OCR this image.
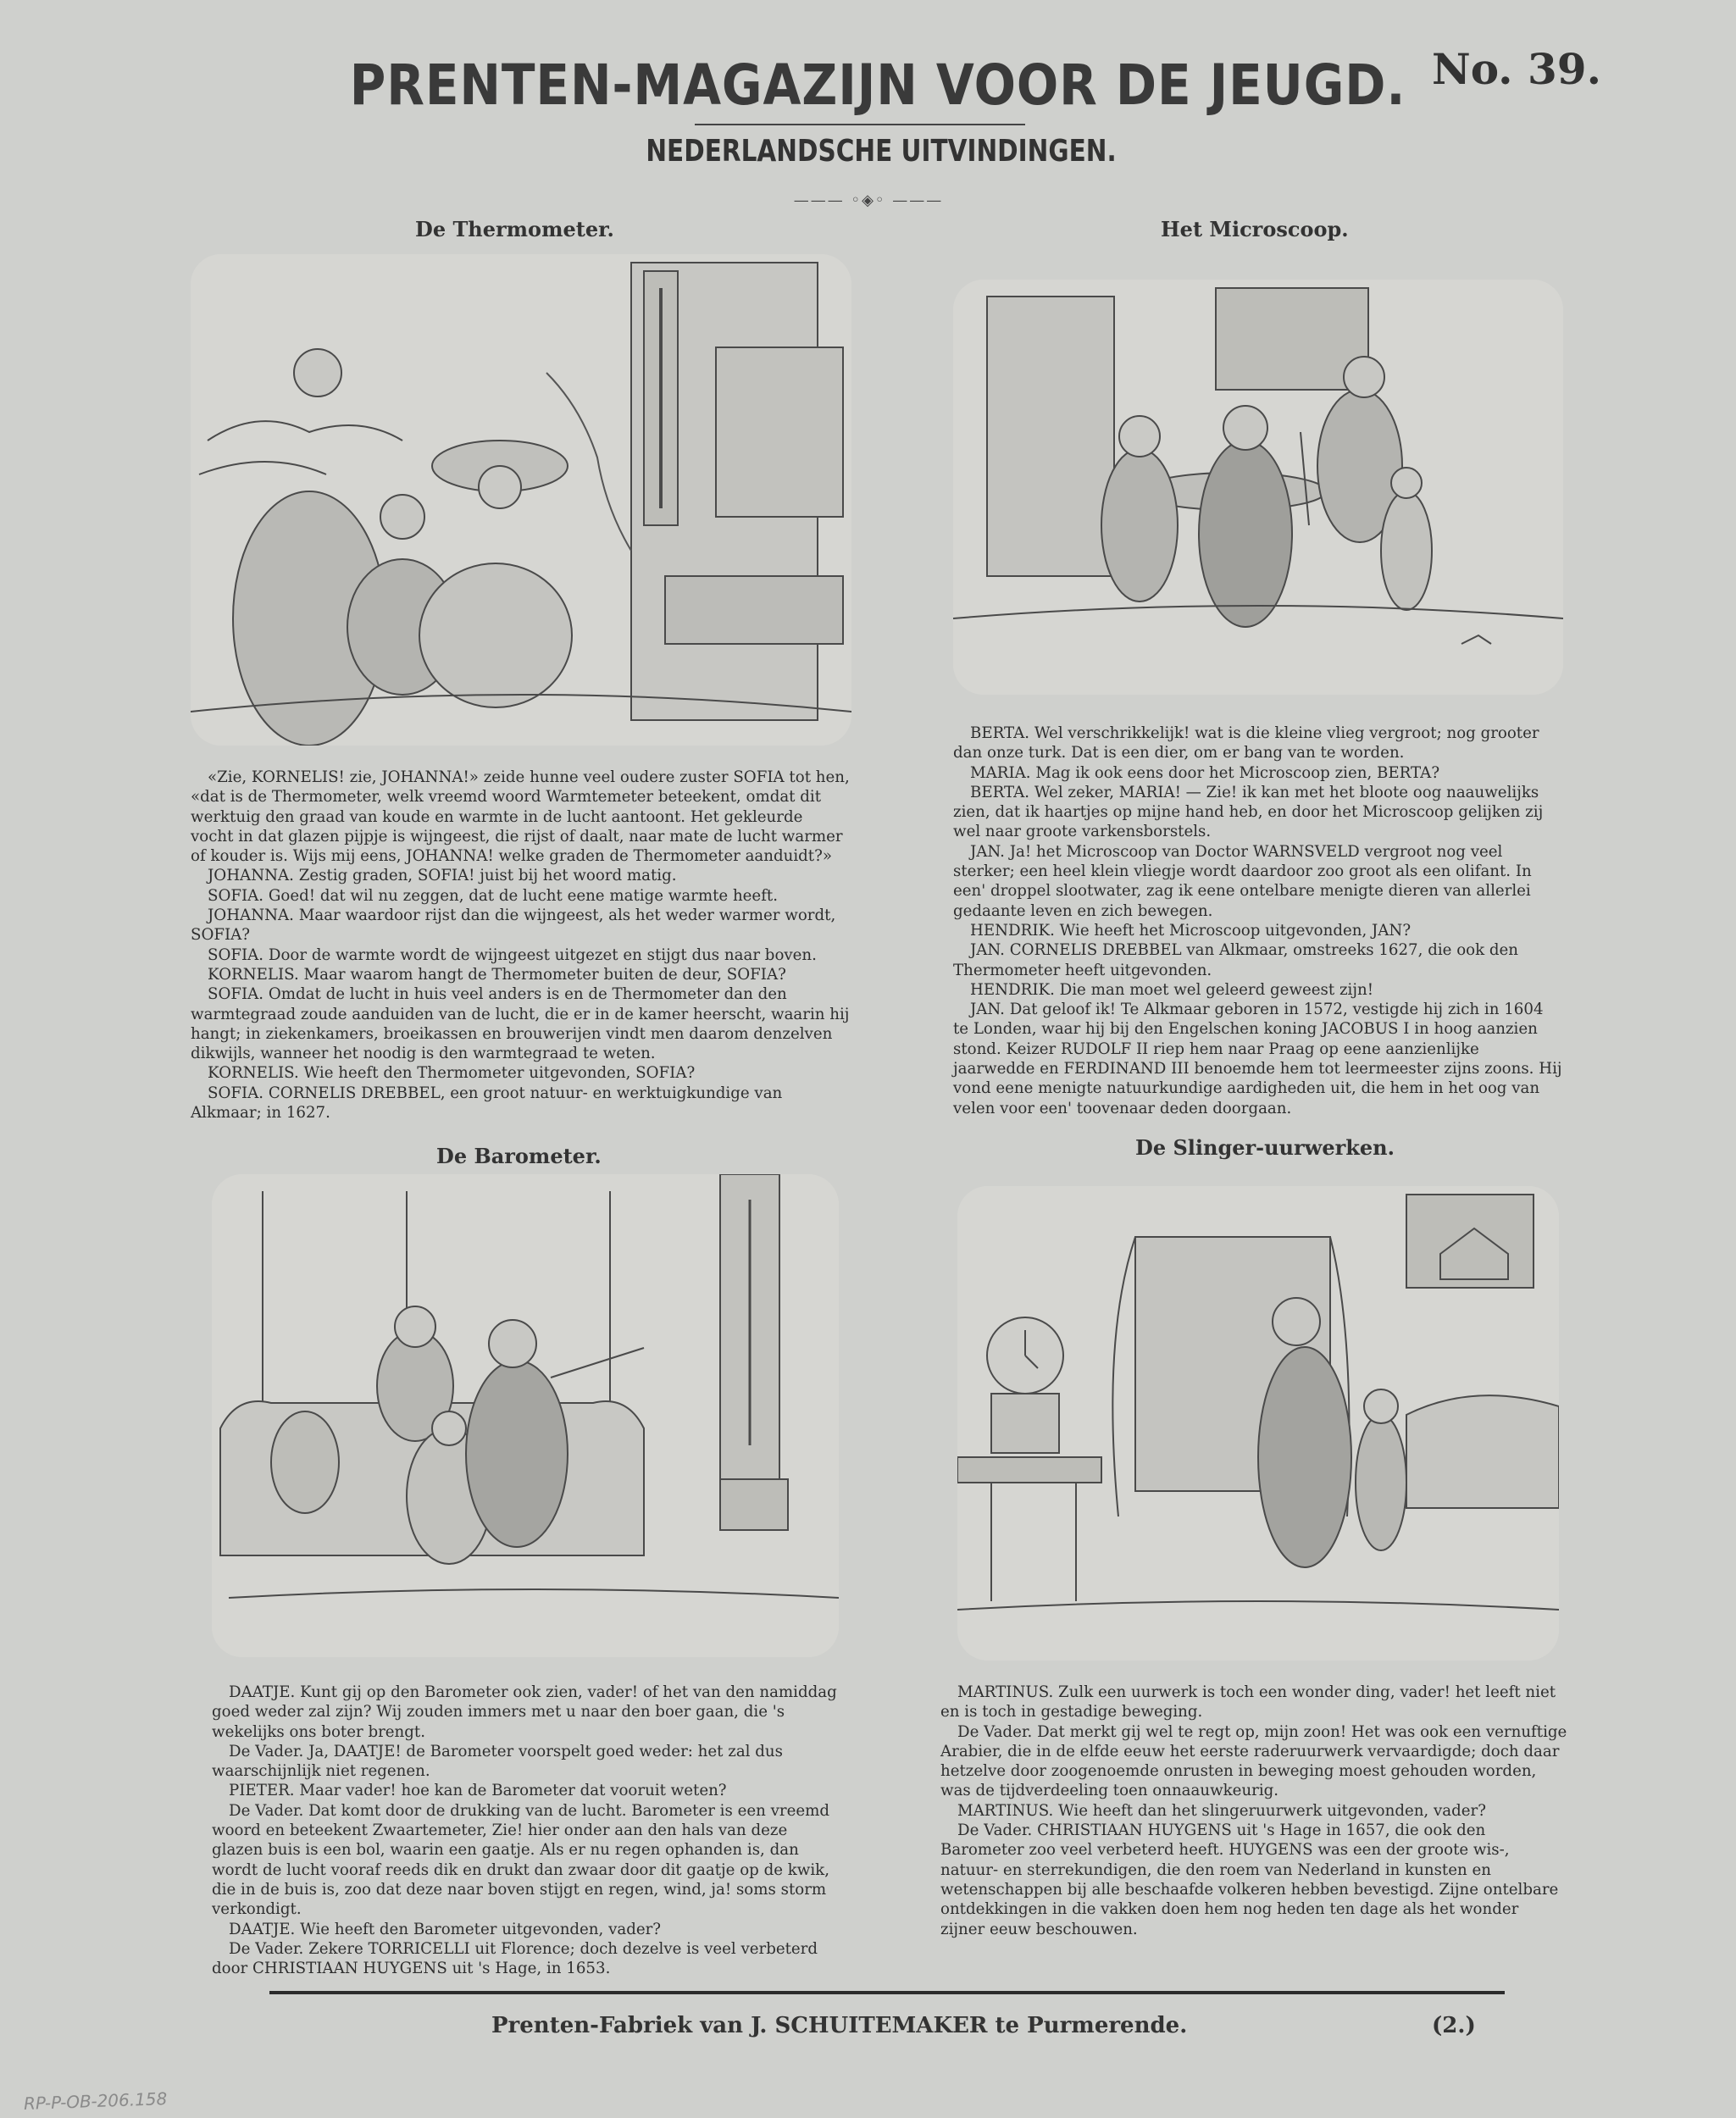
PRENTEN-MAGAZIJN VOOR DE JEUGD. No. 39.
NEDERLANDSCHE UITVINDINGEN.
——— ◦◈◦ ———
De Thermometer.

«Zie, KORNELIS! zie, JOHANNA!» zeide hunne veel oudere zuster SOFIA tot hen, «dat is de Thermometer, welk vreemd woord Warmtemeter beteekent, omdat dit werktuig den graad van koude en warmte in de lucht aantoont. Het gekleurde vocht in dat glazen pijpje is wijngeest, die rijst of daalt, naar mate de lucht warmer of kouder is. Wijs mij eens, JOHANNA! welke graden de Thermometer aanduidt?»

JOHANNA. Zestig graden, SOFIA! juist bij het woord matig.

SOFIA. Goed! dat wil nu zeggen, dat de lucht eene matige warmte heeft.

JOHANNA. Maar waardoor rijst dan die wijngeest, als het weder warmer wordt, SOFIA?

SOFIA. Door de warmte wordt de wijngeest uitgezet en stijgt dus naar boven.

KORNELIS. Maar waarom hangt de Thermometer buiten de deur, SOFIA?

SOFIA. Omdat de lucht in huis veel anders is en de Thermometer dan den warmtegraad zoude aanduiden van de lucht, die er in de kamer heerscht, waarin hij hangt; in ziekenkamers, broeikassen en brouwerijen vindt men daarom denzelven dikwijls, wanneer het noodig is den warmtegraad te weten.

KORNELIS. Wie heeft den Thermometer uitgevonden, SOFIA?

SOFIA. CORNELIS DREBBEL, een groot natuur- en werktuigkundige van Alkmaar; in 1627.

Het Microscoop.

BERTA. Wel verschrikkelijk! wat is die kleine vlieg vergroot; nog grooter dan onze turk. Dat is een dier, om er bang van te worden.

MARIA. Mag ik ook eens door het Microscoop zien, BERTA?

BERTA. Wel zeker, MARIA! — Zie! ik kan met het bloote oog naauwelijks zien, dat ik haartjes op mijne hand heb, en door het Microscoop gelijken zij wel naar groote varkensborstels.

JAN. Ja! het Microscoop van Doctor WARNSVELD vergroot nog veel sterker; een heel klein vliegje wordt daardoor zoo groot als een olifant. In een' droppel slootwater, zag ik eene ontelbare menigte dieren van allerlei gedaante leven en zich bewegen.

HENDRIK. Wie heeft het Microscoop uitgevonden, JAN?

JAN. CORNELIS DREBBEL van Alkmaar, omstreeks 1627, die ook den Thermometer heeft uitgevonden.

HENDRIK. Die man moet wel geleerd geweest zijn!

JAN. Dat geloof ik! Te Alkmaar geboren in 1572, vestigde hij zich in 1604 te Londen, waar hij bij den Engelschen koning JACOBUS I in hoog aanzien stond. Keizer RUDOLF II riep hem naar Praag op eene aanzienlijke jaarwedde en FERDINAND III benoemde hem tot leermeester zijns zoons. Hij vond eene menigte natuurkundige aardigheden uit, die hem in het oog van velen voor een' toovenaar deden doorgaan.

De Barometer.

DAATJE. Kunt gij op den Barometer ook zien, vader! of het van den namiddag goed weder zal zijn? Wij zouden immers met u naar den boer gaan, die 's wekelijks ons boter brengt.

De Vader. Ja, DAATJE! de Barometer voorspelt goed weder: het zal dus waarschijnlijk niet regenen.

PIETER. Maar vader! hoe kan de Barometer dat vooruit weten?

De Vader. Dat komt door de drukking van de lucht. Barometer is een vreemd woord en beteekent Zwaartemeter, Zie! hier onder aan den hals van deze glazen buis is een bol, waarin een gaatje. Als er nu regen ophanden is, dan wordt de lucht vooraf reeds dik en drukt dan zwaar door dit gaatje op de kwik, die in de buis is, zoo dat deze naar boven stijgt en regen, wind, ja! soms storm verkondigt.

DAATJE. Wie heeft den Barometer uitgevonden, vader?

De Vader. Zekere TORRICELLI uit Florence; doch dezelve is veel verbeterd door CHRISTIAAN HUYGENS uit 's Hage, in 1653.

De Slinger-uurwerken.

MARTINUS. Zulk een uurwerk is toch een wonder ding, vader! het leeft niet en is toch in gestadige beweging.

De Vader. Dat merkt gij wel te regt op, mijn zoon! Het was ook een vernuftige Arabier, die in de elfde eeuw het eerste raderuurwerk vervaardigde; doch daar hetzelve door zoogenoemde onrusten in beweging moest gehouden worden, was de tijdverdeeling toen onnaauwkeurig.

MARTINUS. Wie heeft dan het slingeruurwerk uitgevonden, vader?

De Vader. CHRISTIAAN HUYGENS uit 's Hage in 1657, die ook den Barometer zoo veel verbeterd heeft. HUYGENS was een der groote wis-, natuur- en sterrekundigen, die den roem van Nederland in kunsten en wetenschappen bij alle beschaafde volkeren hebben bevestigd. Zijne ontelbare ontdekkingen in die vakken doen hem nog heden ten dage als het wonder zijner eeuw beschouwen.

Prenten-Fabriek van J. SCHUITEMAKER te Purmerende.	(2.)
RP-P-OB-206.158
